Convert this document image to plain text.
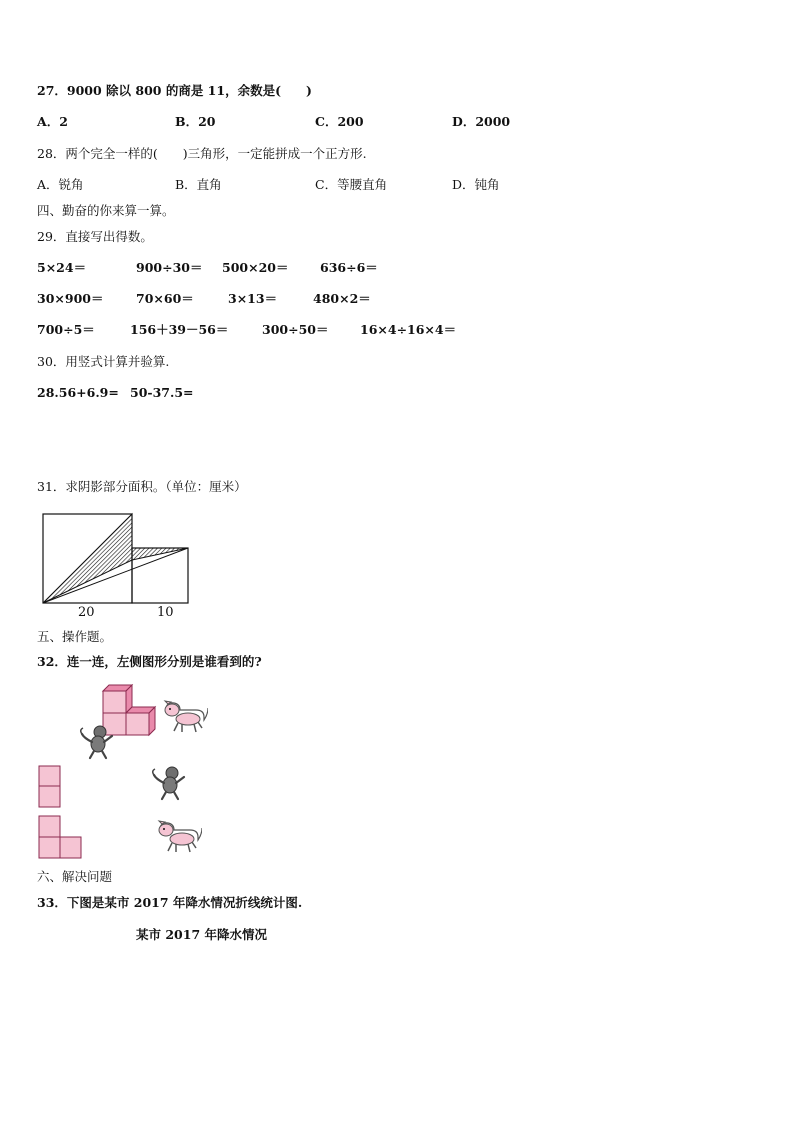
27．9000 除以 800 的商是 11，余数是(　　)
A．2	B．20	C．200	D．2000
28．两个完全一样的(　　)三角形，一定能拼成一个正方形.
A．锐角	B．直角	C．等腰直角	D．钝角
四、勤奋的你来算一算。
29．直接写出得数。
5×24＝	900÷30＝ 500×20＝	636÷6＝
30×900＝	70×60＝	3×13＝	480×2＝
700÷5＝	156＋39－56＝	300÷50＝	16×4÷16×4＝
30．用竖式计算并验算.
28.56+6.9= 50-37.5=
31．求阴影部分面积。（单位：厘米）
20	10
五、操作题。
32．连一连，左侧图形分别是谁看到的?
六、解决问题
33．下图是某市 2017 年降水情况折线统计图.
某市 2017 年降水情况
